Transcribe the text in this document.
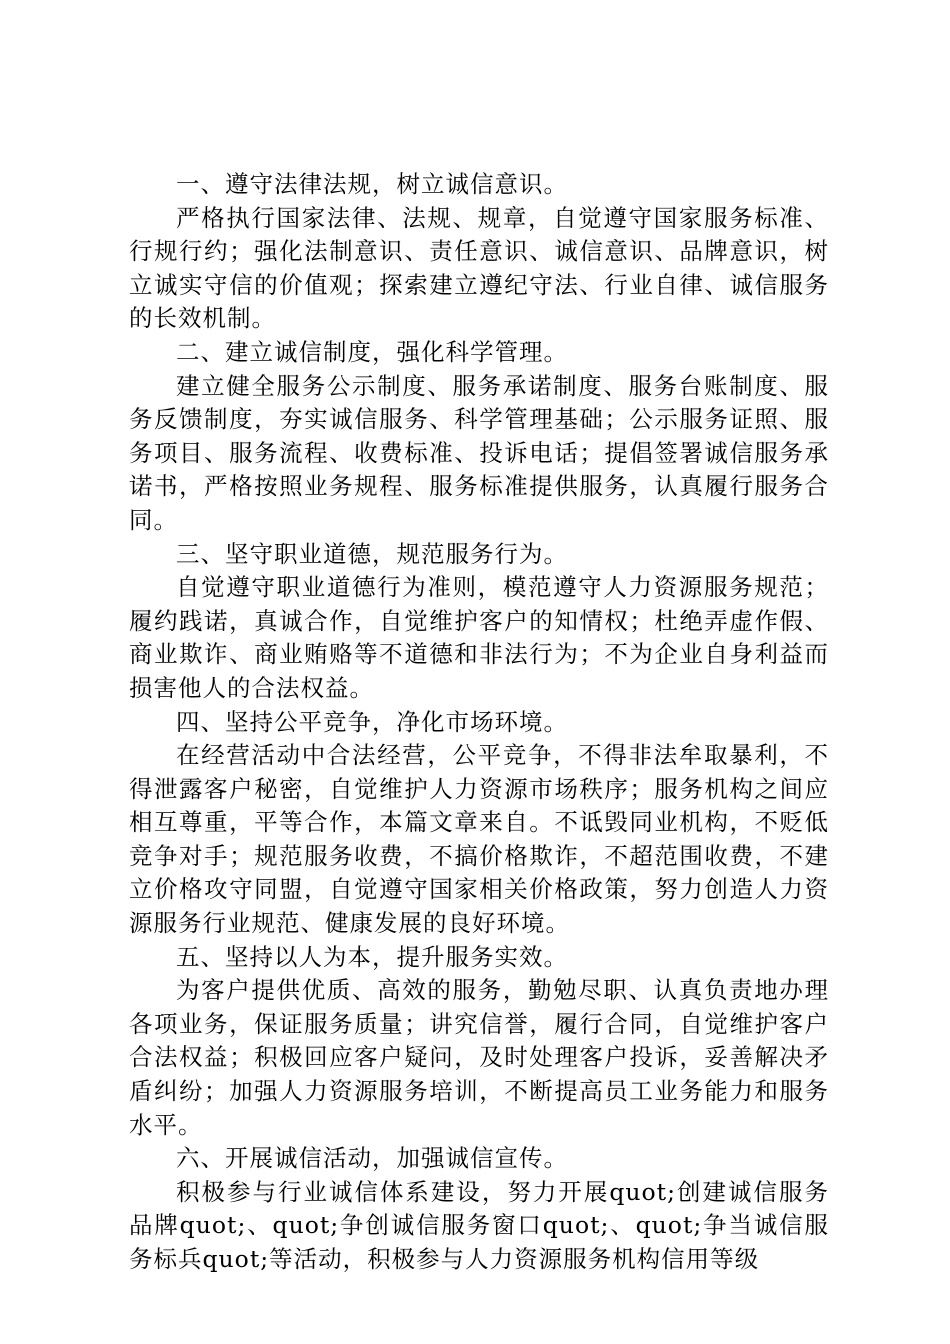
一、遵守法律法规，树立诚信意识。

严格执行国家法律、法规、规章，自觉遵守国家服务标准、行规行约；强化法制意识、责任意识、诚信意识、品牌意识，树立诚实守信的价值观；探索建立遵纪守法、行业自律、诚信服务的长效机制。

二、建立诚信制度，强化科学管理。

建立健全服务公示制度、服务承诺制度、服务台账制度、服务反馈制度，夯实诚信服务、科学管理基础；公示服务证照、服务项目、服务流程、收费标准、投诉电话；提倡签署诚信服务承诺书，严格按照业务规程、服务标准提供服务，认真履行服务合同。

三、坚守职业道德，规范服务行为。

自觉遵守职业道德行为准则，模范遵守人力资源服务规范；履约践诺，真诚合作，自觉维护客户的知情权；杜绝弄虚作假、商业欺诈、商业贿赂等不道德和非法行为；不为企业自身利益而损害他人的合法权益。

四、坚持公平竞争，净化市场环境。

在经营活动中合法经营，公平竞争，不得非法牟取暴利，不得泄露客户秘密，自觉维护人力资源市场秩序；服务机构之间应相互尊重，平等合作，本篇文章来自。不诋毁同业机构，不贬低竞争对手；规范服务收费，不搞价格欺诈，不超范围收费，不建立价格攻守同盟，自觉遵守国家相关价格政策，努力创造人力资源服务行业规范、健康发展的良好环境。

五、坚持以人为本，提升服务实效。

为客户提供优质、高效的服务，勤勉尽职、认真负责地办理各项业务，保证服务质量；讲究信誉，履行合同，自觉维护客户合法权益；积极回应客户疑问，及时处理客户投诉，妥善解决矛盾纠纷；加强人力资源服务培训，不断提高员工业务能力和服务水平。

六、开展诚信活动，加强诚信宣传。

积极参与行业诚信体系建设，努力开展quot;创建诚信服务品牌quot;、quot;争创诚信服务窗口quot;、quot;争当诚信服务标兵quot;等活动，积极参与人力资源服务机构信用等级
